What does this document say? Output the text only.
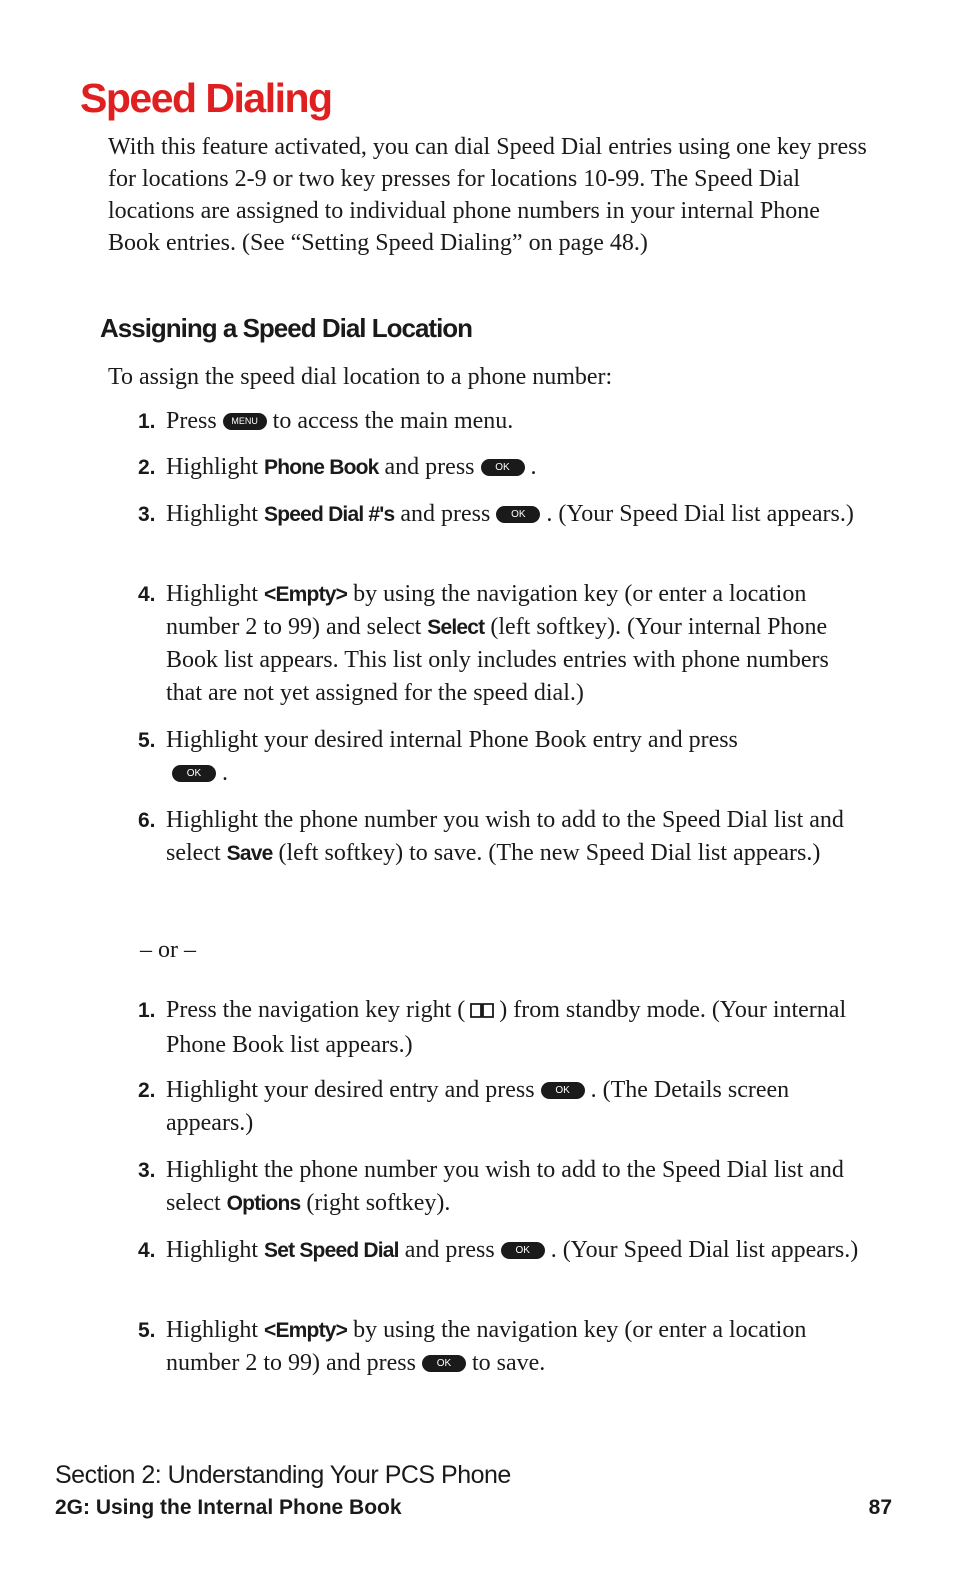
Speed Dialing

With this feature activated, you can dial Speed Dial entries using one key press for locations 2-9 or two key presses for locations 10-99. The Speed Dial locations are assigned to individual phone numbers in your internal Phone Book entries. (See “Setting Speed Dialing” on page 48.)

Assigning a Speed Dial Location

To assign the speed dial location to a phone number:

1. Press MENU to access the main menu.
2. Highlight Phone Book and press OK .
3. Highlight Speed Dial #'s and press OK . (Your Speed Dial list appears.)
4. Highlight <Empty> by using the navigation key (or enter a location number 2 to 99) and select Select (left softkey). (Your internal Phone Book list appears. This list only includes entries with phone numbers that are not yet assigned for the speed dial.)
5. Highlight your desired internal Phone Book entry and pressOK .
6. Highlight the phone number you wish to add to the Speed Dial list and select Save (left softkey) to save. (The new Speed Dial list appears.)

– or –

1. Press the navigation key right ( ) from standby mode. (Your internal Phone Book list appears.)
2. Highlight your desired entry and press OK . (The Details screen appears.)
3. Highlight the phone number you wish to add to the Speed Dial list and select Options (right softkey).
4. Highlight Set Speed Dial and press OK . (Your Speed Dial list appears.)
5. Highlight <Empty> by using the navigation key (or enter a location number 2 to 99) and press OK to save.

Section 2: Understanding Your PCS Phone

2G: Using the Internal Phone Book	87
